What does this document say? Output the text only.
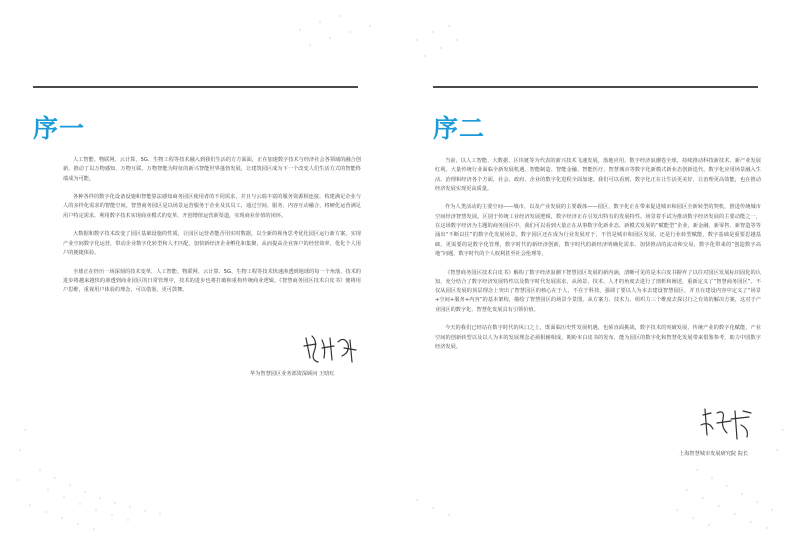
序一

人工智能、物联网、云计算、5G、生物工程等技术融入到我们生活的方方面面，正在加速数字技术与经济社会各领域的融合创新，推动了以万物感知、万物互联、万物智能为特征的新兴智能世界蓬勃发展，让建筑园区成为下一个改变人们生活方式的智能终端成为可能。

各种各样的数字化设备设施和智能算法感知商务园区使用者的不同需求，并且与云端丰富的服务资源相连接，构建满足企业与人的多样化需求的智能空间。智慧商务园区是以场景运营服务于企业及其员工，通过空间、服务、内容互动融合，将硬化运营满足用户特定需求，利用数字技术实现商业模式的变革，开创增值运营新渠道，实现商业价值的闭环。

大数据和数字技术改变了园区基础设施的性质，让园区运营者能否用实时数据，以全新的视角思考优化园区运行新方案，实现产业空间数字化运营，带动企业数字化转型和人才匹配，加快新经济企业孵化和集聚，从而提高企业客户的经营效率，优化个人用户的便捷体验。

全球正在经历一场深刻的技术变革，人工智能、物联网、云计算、5G、生物工程等技术快速渗透到地球的每一个角落，技术的进步将越来越快的渗透到商业园区的日常管理中，技术的进步也将打破和重构传统商业逻辑。《智慧商务园区技术白皮书》便将用户思维，重视用户体验的理念，可以借鉴，更可鼓舞。

华为智慧园区业务部资深顾问 王晗红
序二

当前，以人工智能、大数据、区块链等为代表的新兴技术飞速发展，落地应用，数字经济浪潮卷全球，持续推动科技新技术、新产业发展红利。大量传统行业面临全新发展机遇，智能制造、智能金融、智能医疗、智慧城市等数字化新模式新业态创新迭代，数字化应用场景融入生活、治理和经济各个方面，社会、政府、企业的数字化进程全面加速。我们可以看到，数字化正在让生活更美好，让治理更高效能，也在推动经济发展实现更高质量。

作为人类活动的主要空间——城市，以及产业发展的主要载体——园区，数字化正在带来促进城市和园区全新转型的契机，推进传统城市空间经济智慧发展。区别于传统工业经济发展逻辑，数字经济正在引发出特有的发展特性。场景着手试为推动数字经济发展的主要动能之一，在这场数字经济为主题的商务园区中，我们可以看到大量正在从事数字化新业态、新模式发展的“赋能型”企业，新金融、新零售、新智造等等涌出“不断以往”的数字化发展场景。数字园区还在成为行业发展对于，不管是城市和园区发展，还是行业转型赋能，数字基础是重要思越基础，更需要的是数字化管理，数字时代的新经济创新，数字时代的新经济明确化需求，加快推动的流动和交易，数字化带来的“创造数字高地”问题，数字时代的个人权利甚至社会伦理等。

《智慧商务园区技术白皮书》解构了数字经济浪潮下智慧园区发展的新内涵，清晰可见的是本白皮书摒弃了以往对园区发展标识固化的认知，充分结合了数字经济发展特性以及数字时代发展需求，从场景、技术、人才的角度去进行了剖析和阐述，重新定义了“智慧商务园区”。不仅从园区发展的顶层理念上突出了智慧园区的核心在于人，不在于科技，强调了要以人为本去建设智慧园区，并且在建设内容中定义了“场景+空间+服务+内容”的基本架构，描绘了智慧园区的场景全景图，从方案力、技术力、组织力三个维度去探讨行之有效的解决方案，这对于产业园区的数字化、智慧化发展具有引领价值。

今天的我们已经站在数字时代的风口之上，既面临历史性发展机遇，也须直面挑战，数字技术的突破发展，传统产业的数字化赋能，产业空间的创新转型以及以人为本的发展理念必须相辅相成，期盼本白皮书的发布，能为园区的数字化和智慧化发展带来借鉴参考，助力中国数字经济发展。

上海智慧城市发展研究院 院长
